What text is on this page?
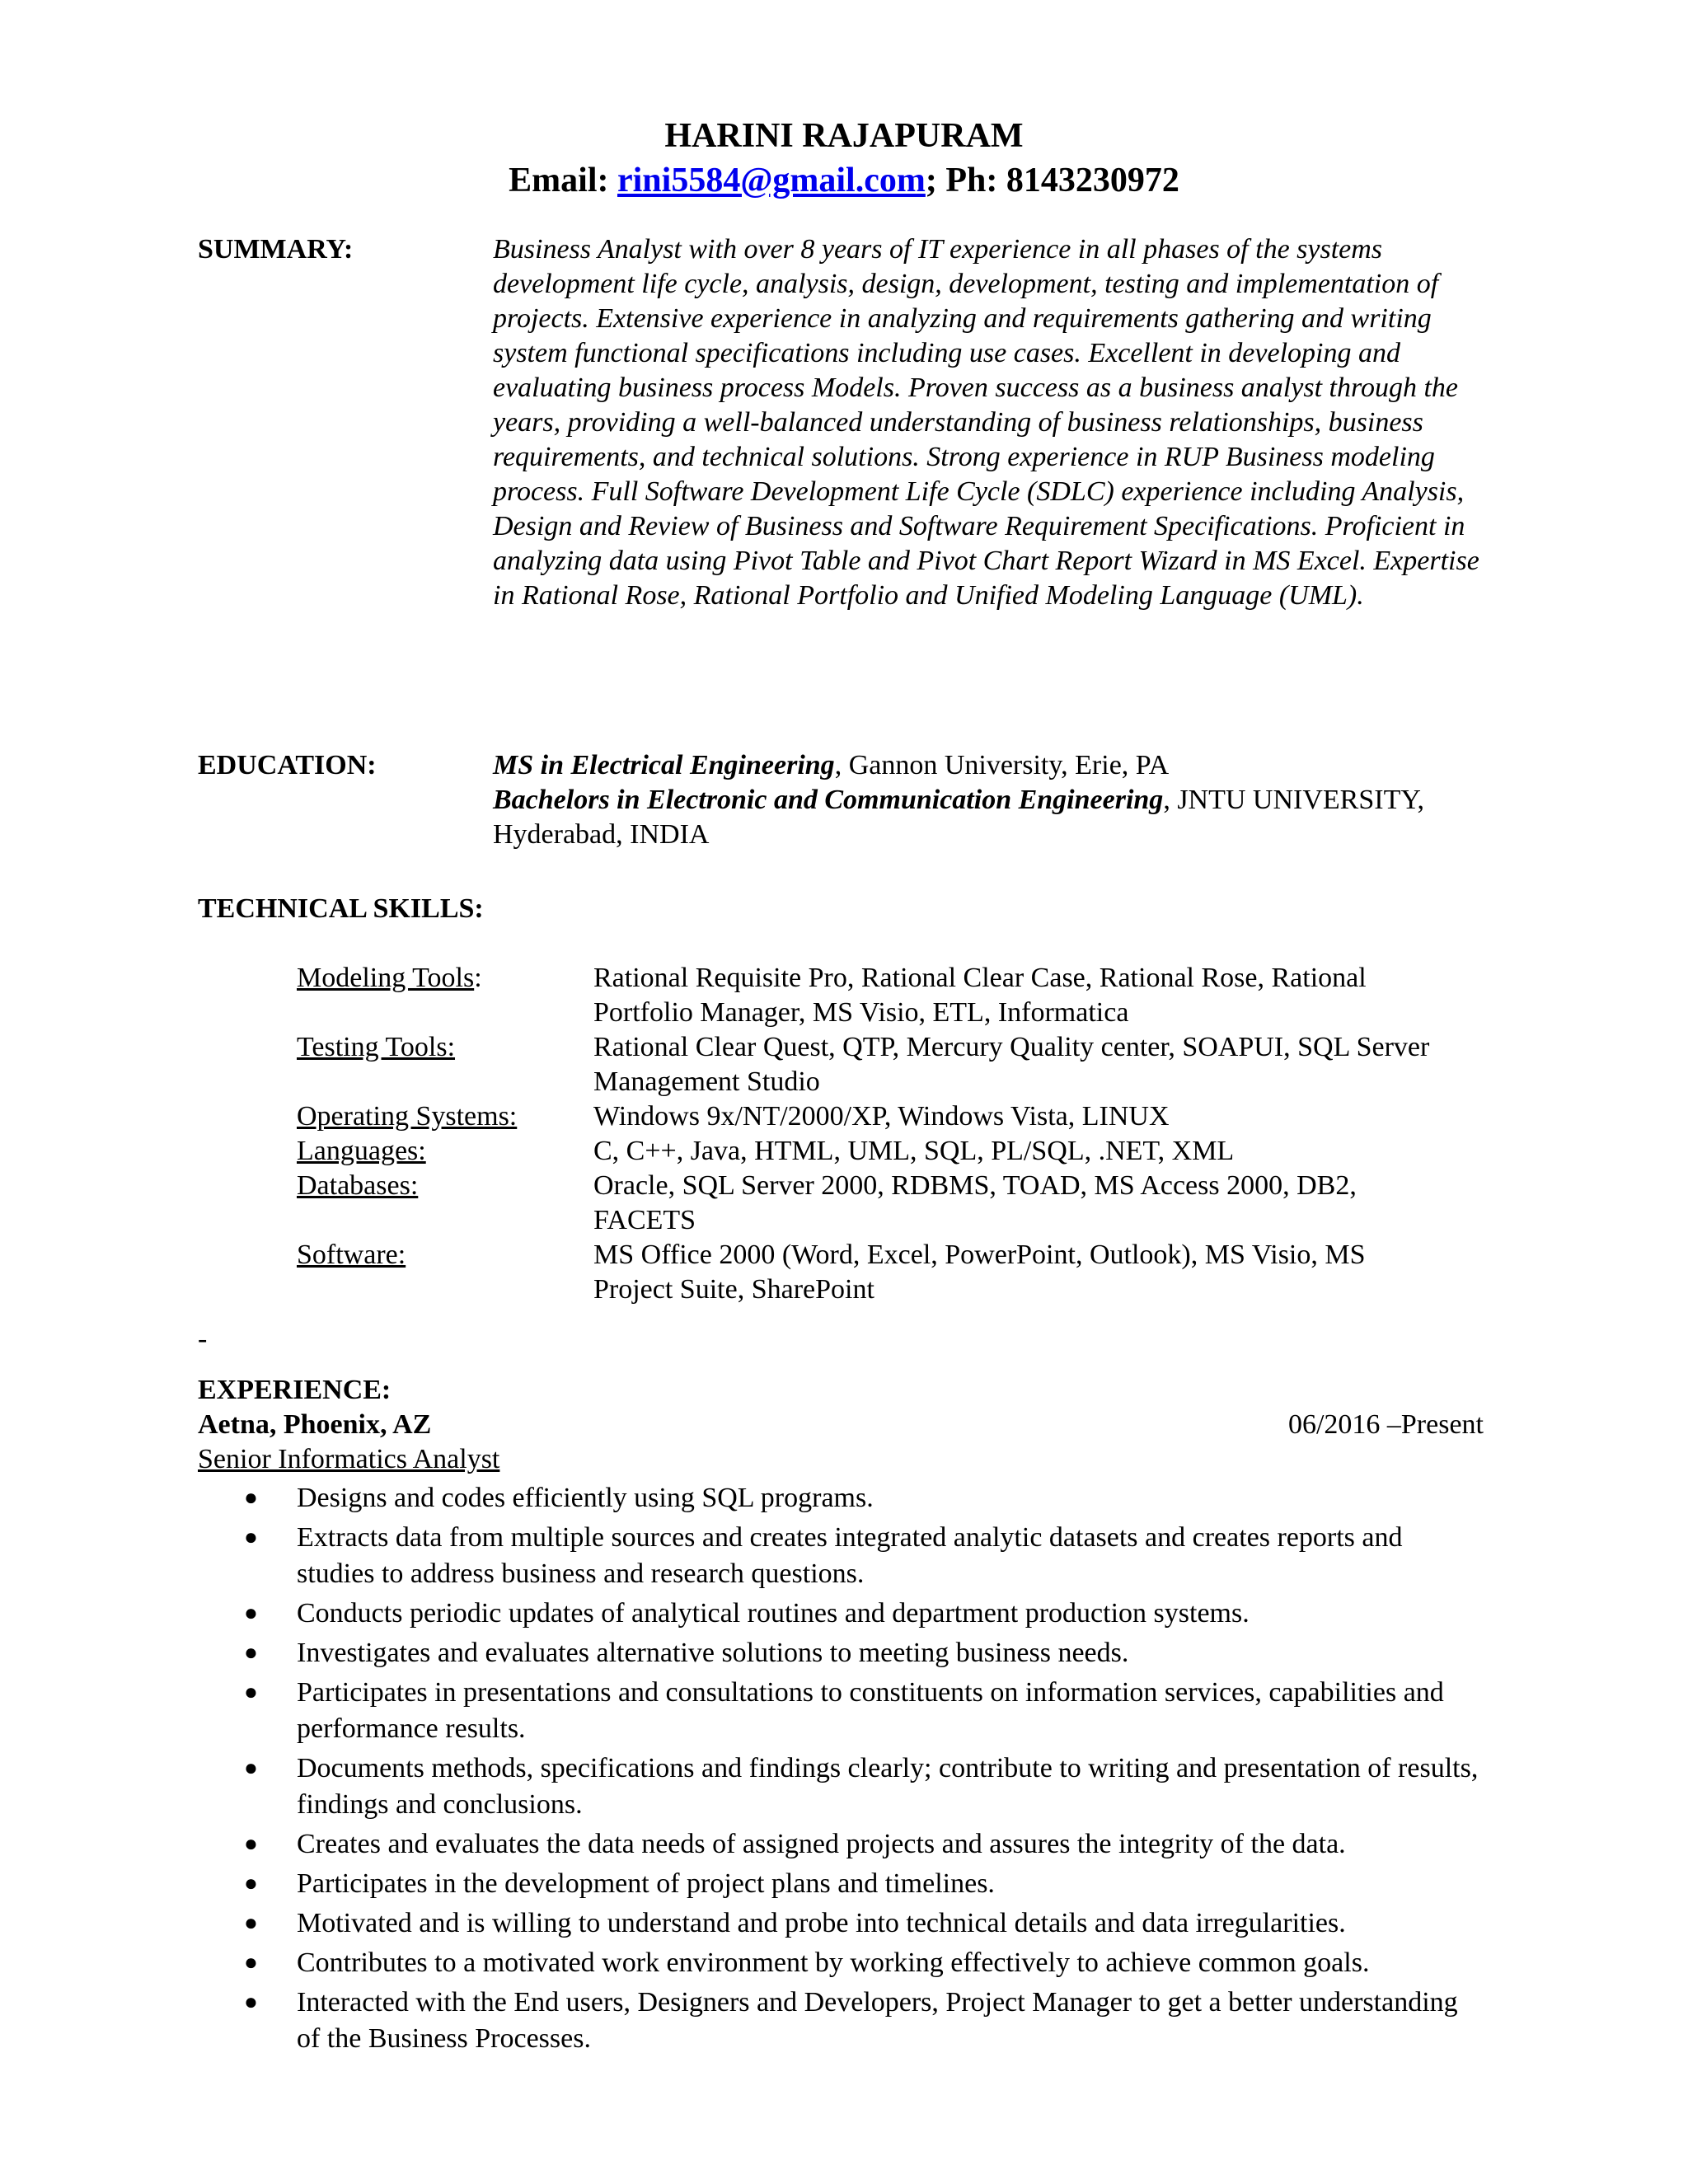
HARINI RAJAPURAM
Email: rini5584@gmail.com; Ph: 8143230972
SUMMARY:	Business Analyst with over 8 years of IT experience in all phases of the systems development life cycle, analysis, design, development, testing and implementation of projects. Extensive experience in analyzing and requirements gathering and writing system functional specifications including use cases. Excellent in developing and evaluating business process Models. Proven success as a business analyst through the years, providing a well-balanced understanding of business relationships, business requirements, and technical solutions. Strong experience in RUP Business modeling process. Full Software Development Life Cycle (SDLC) experience including Analysis, Design and Review of Business and Software Requirement Specifications. Proficient in analyzing data using Pivot Table and Pivot Chart Report Wizard in MS Excel. Expertise in Rational Rose, Rational Portfolio and Unified Modeling Language (UML).
EDUCATION:	MS in Electrical Engineering, Gannon University, Erie, PA
Bachelors in Electronic and Communication Engineering, JNTU UNIVERSITY, Hyderabad, INDIA
TECHNICAL SKILLS:
Modeling Tools:	Rational Requisite Pro, Rational Clear Case, Rational Rose, Rational Portfolio Manager, MS Visio, ETL, Informatica
Testing Tools:	Rational Clear Quest, QTP, Mercury Quality center, SOAPUI, SQL Server Management Studio
Operating Systems:	Windows 9x/NT/2000/XP, Windows Vista, LINUX
Languages:	C, C++, Java, HTML, UML, SQL, PL/SQL, .NET, XML
Databases:	Oracle, SQL Server 2000, RDBMS, TOAD, MS Access 2000, DB2, FACETS
Software:	MS Office 2000 (Word, Excel, PowerPoint, Outlook), MS Visio, MS Project Suite, SharePoint
-
EXPERIENCE:
Aetna, Phoenix, AZ	06/2016 –Present
Senior Informatics Analyst
● Designs and codes efficiently using SQL programs.
● Extracts data from multiple sources and creates integrated analytic datasets and creates reports and studies to address business and research questions.
● Conducts periodic updates of analytical routines and department production systems.
● Investigates and evaluates alternative solutions to meeting business needs.
● Participates in presentations and consultations to constituents on information services, capabilities and performance results.
● Documents methods, specifications and findings clearly; contribute to writing and presentation of results, findings and conclusions.
● Creates and evaluates the data needs of assigned projects and assures the integrity of the data.
● Participates in the development of project plans and timelines.
● Motivated and is willing to understand and probe into technical details and data irregularities.
● Contributes to a motivated work environment by working effectively to achieve common goals.
● Interacted with the End users, Designers and Developers, Project Manager to get a better understanding of the Business Processes.
